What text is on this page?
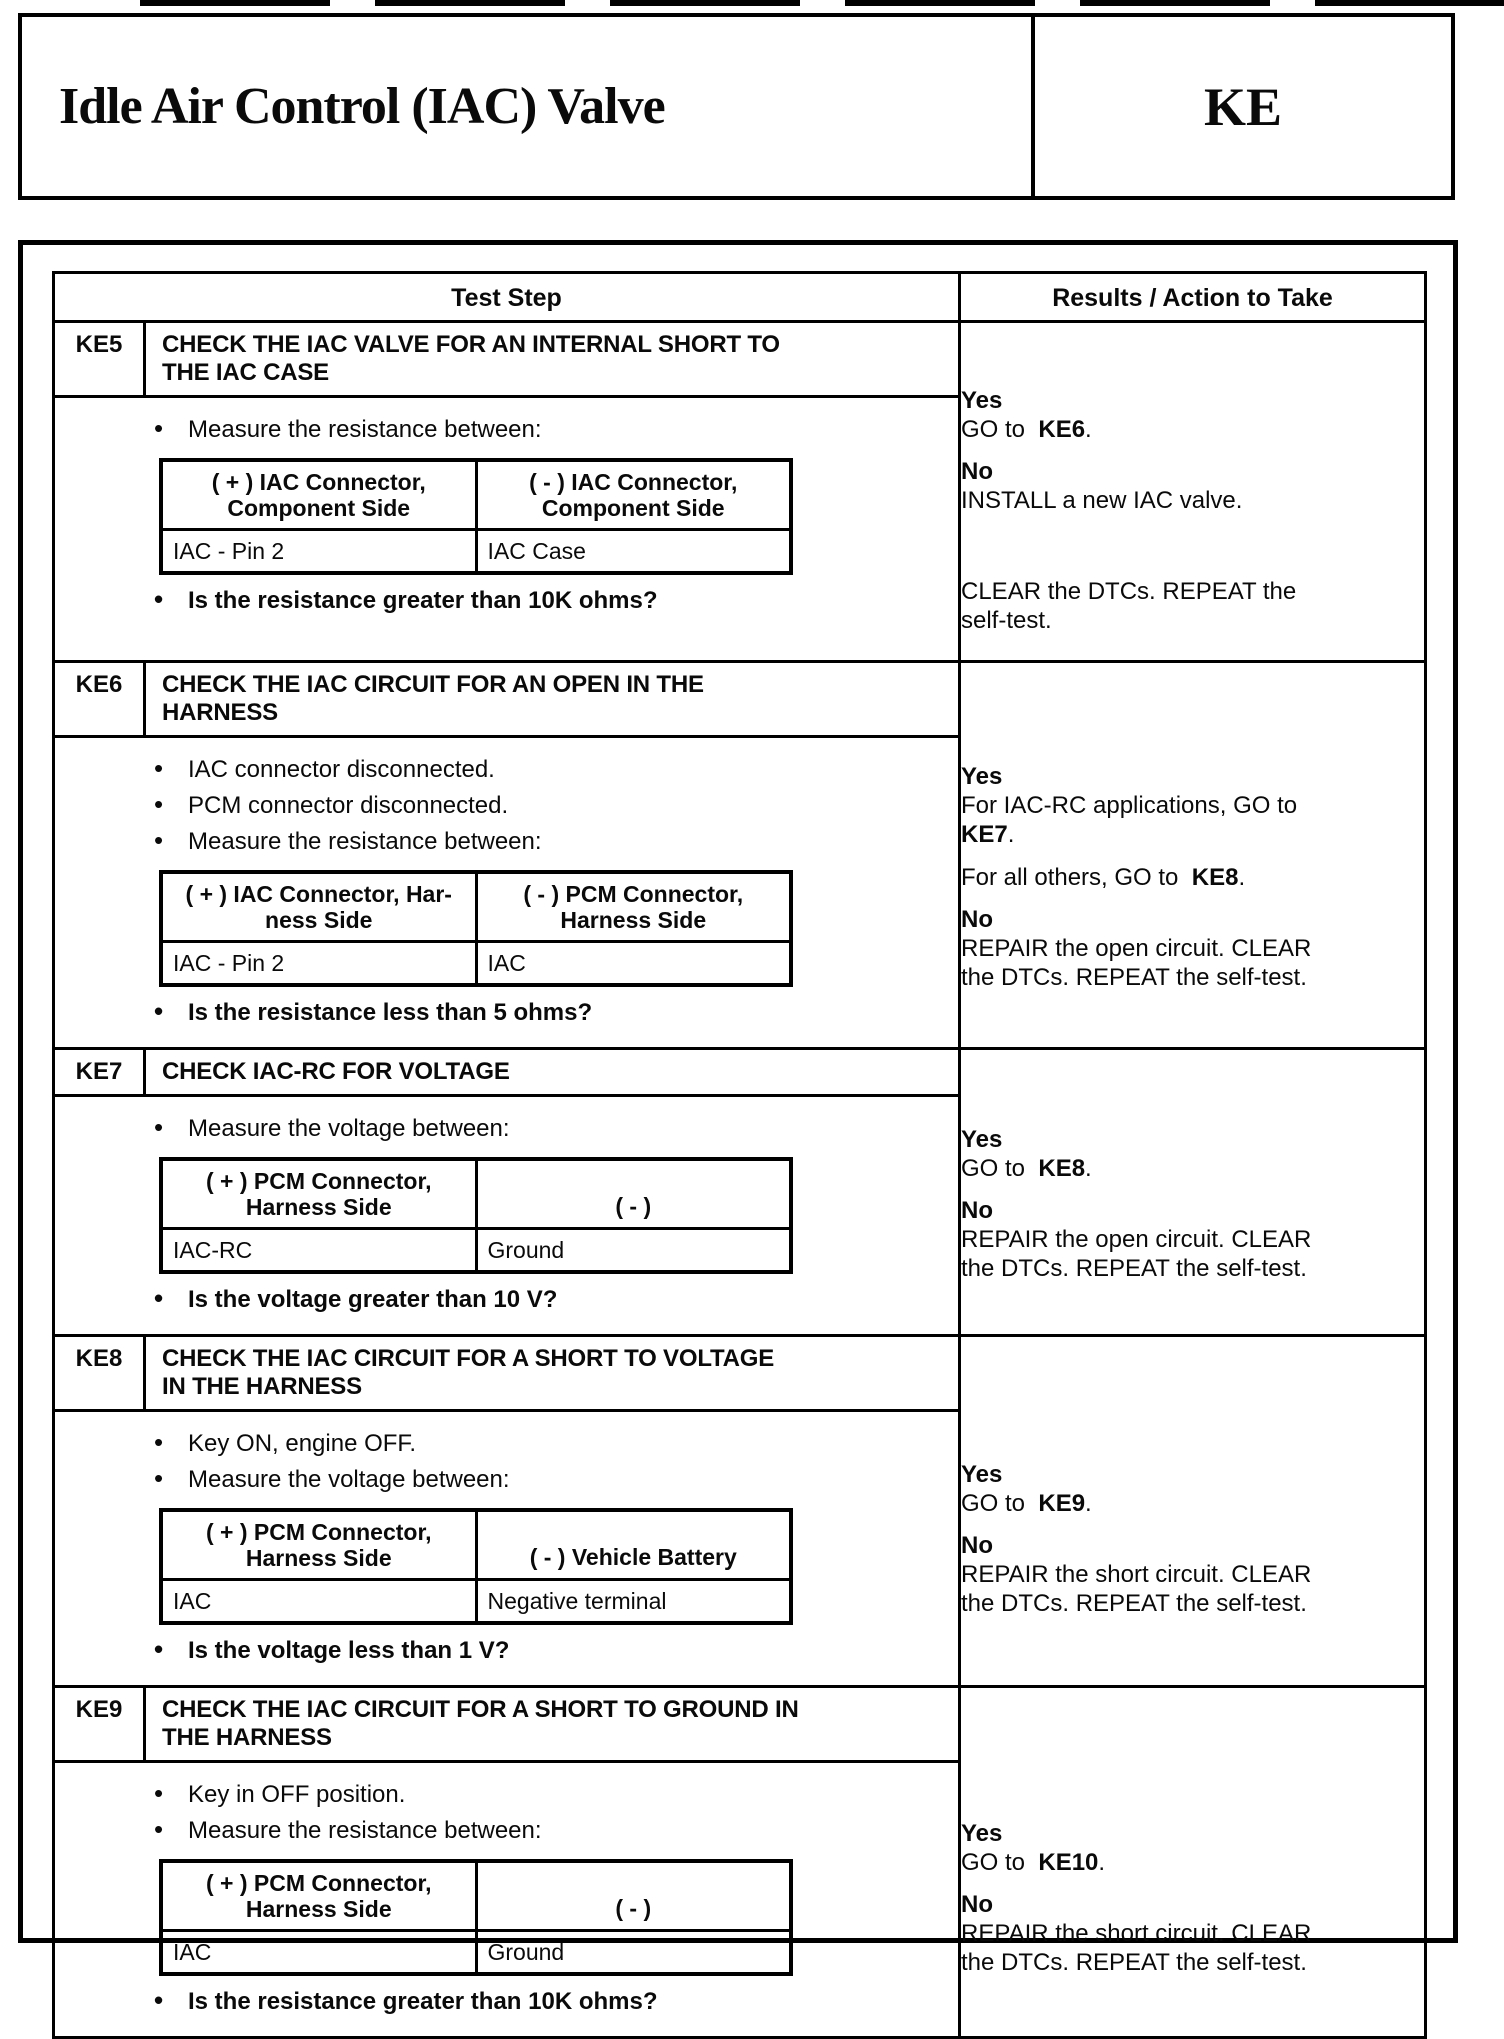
Idle Air Control (IAC) Valve	KE
Test Step	Results / Action to Take

KE5	CHECK THE IAC VALVE FOR AN INTERNAL SHORT TO
THE IAC CASE
• Measure the resistance between:
( + ) IAC Connector,
Component Side	( - ) IAC Connector,
Component Side
IAC - Pin 2	IAC Case
• Is the resistance greater than 10K ohms?

Yes
GO to  KE6.
No
INSTALL a new IAC valve.
CLEAR the DTCs. REPEAT the
self-test.

KE6	CHECK THE IAC CIRCUIT FOR AN OPEN IN THE
HARNESS
• IAC connector disconnected.
• PCM connector disconnected.
• Measure the resistance between:
( + ) IAC Connector, Har-
ness Side	( - ) PCM Connector,
Harness Side
IAC - Pin 2	IAC
• Is the resistance less than 5 ohms?

Yes
For IAC-RC applications, GO to
KE7.
For all others, GO to  KE8.
No
REPAIR the open circuit. CLEAR
the DTCs. REPEAT the self-test.

KE7	CHECK IAC-RC FOR VOLTAGE
• Measure the voltage between:
( + ) PCM Connector,
Harness Side	( - )
IAC-RC	Ground
• Is the voltage greater than 10 V?

Yes
GO to  KE8.
No
REPAIR the open circuit. CLEAR
the DTCs. REPEAT the self-test.

KE8	CHECK THE IAC CIRCUIT FOR A SHORT TO VOLTAGE
IN THE HARNESS
• Key ON, engine OFF.
• Measure the voltage between:
( + ) PCM Connector,
Harness Side	( - ) Vehicle Battery
IAC	Negative terminal
• Is the voltage less than 1 V?

Yes
GO to  KE9.
No
REPAIR the short circuit. CLEAR
the DTCs. REPEAT the self-test.

KE9	CHECK THE IAC CIRCUIT FOR A SHORT TO GROUND IN
THE HARNESS
• Key in OFF position.
• Measure the resistance between:
( + ) PCM Connector,
Harness Side	( - )
IAC	Ground
• Is the resistance greater than 10K ohms?

Yes
GO to  KE10.
No
REPAIR the short circuit. CLEAR
the DTCs. REPEAT the self-test.
